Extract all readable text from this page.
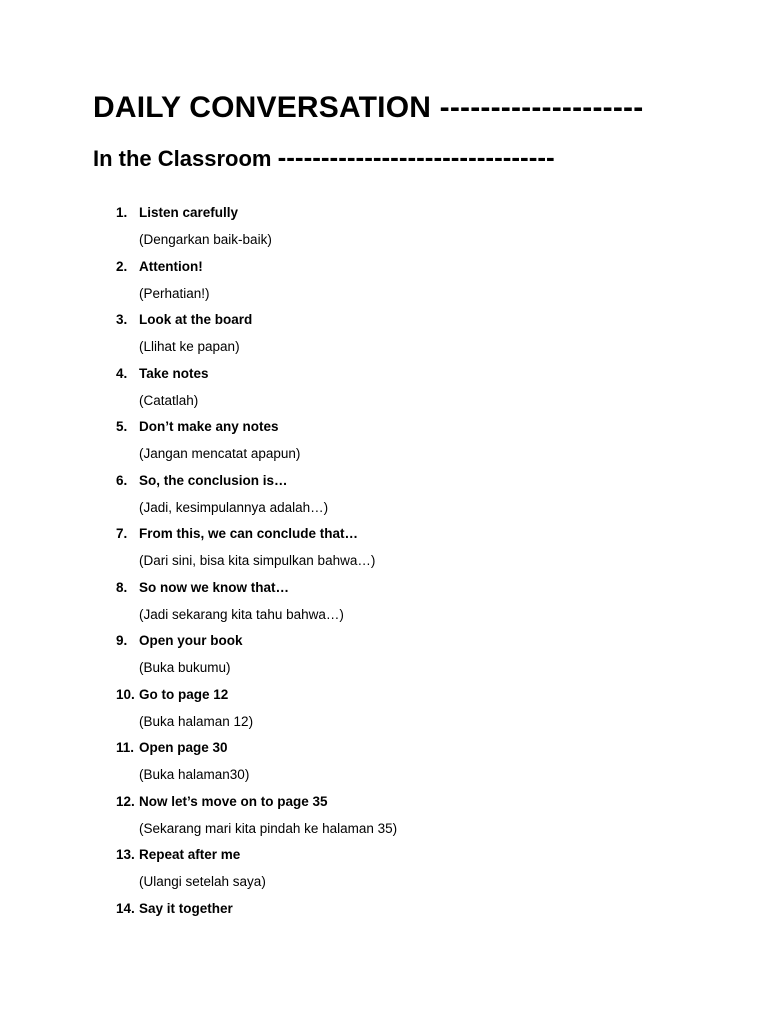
DAILY CONVERSATION --------------------
In the Classroom --------------------------------
1. Listen carefully
(Dengarkan baik-baik)
2. Attention!
(Perhatian!)
3. Look at the board
(Llihat ke papan)
4. Take notes
(Catatlah)
5. Don’t make any notes
(Jangan mencatat apapun)
6. So, the conclusion is…
(Jadi, kesimpulannya adalah…)
7. From this, we can conclude that…
(Dari sini, bisa kita simpulkan bahwa…)
8. So now we know that…
(Jadi sekarang kita tahu bahwa…)
9. Open your book
(Buka bukumu)
10. Go to page 12
(Buka halaman 12)
11. Open page 30
(Buka halaman30)
12. Now let’s move on to page 35
(Sekarang mari kita pindah ke halaman 35)
13. Repeat after me
(Ulangi setelah saya)
14. Say it together
